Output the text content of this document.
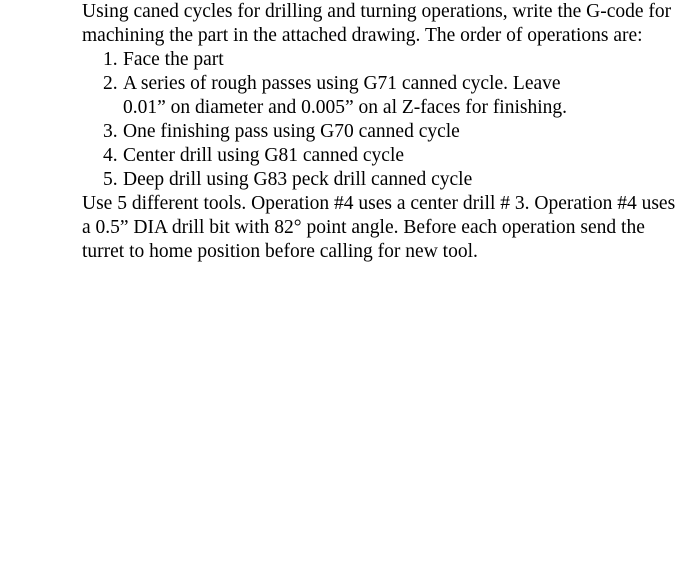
Using caned cycles for drilling and turning operations, write the G-code for machining the part in the attached drawing. The order of operations are:

1. Face the part
2. A series of rough passes using G71 canned cycle. Leave 0.01” on diameter and 0.005” on al Z-faces for finishing.
3. One finishing pass using G70 canned cycle
4. Center drill using G81 canned cycle
5. Deep drill using G83 peck drill canned cycle

Use 5 different tools. Operation #4 uses a center drill # 3. Operation #4 uses a 0.5” DIA drill bit with 82° point angle. Before each operation send the turret to home position before calling for new tool.
